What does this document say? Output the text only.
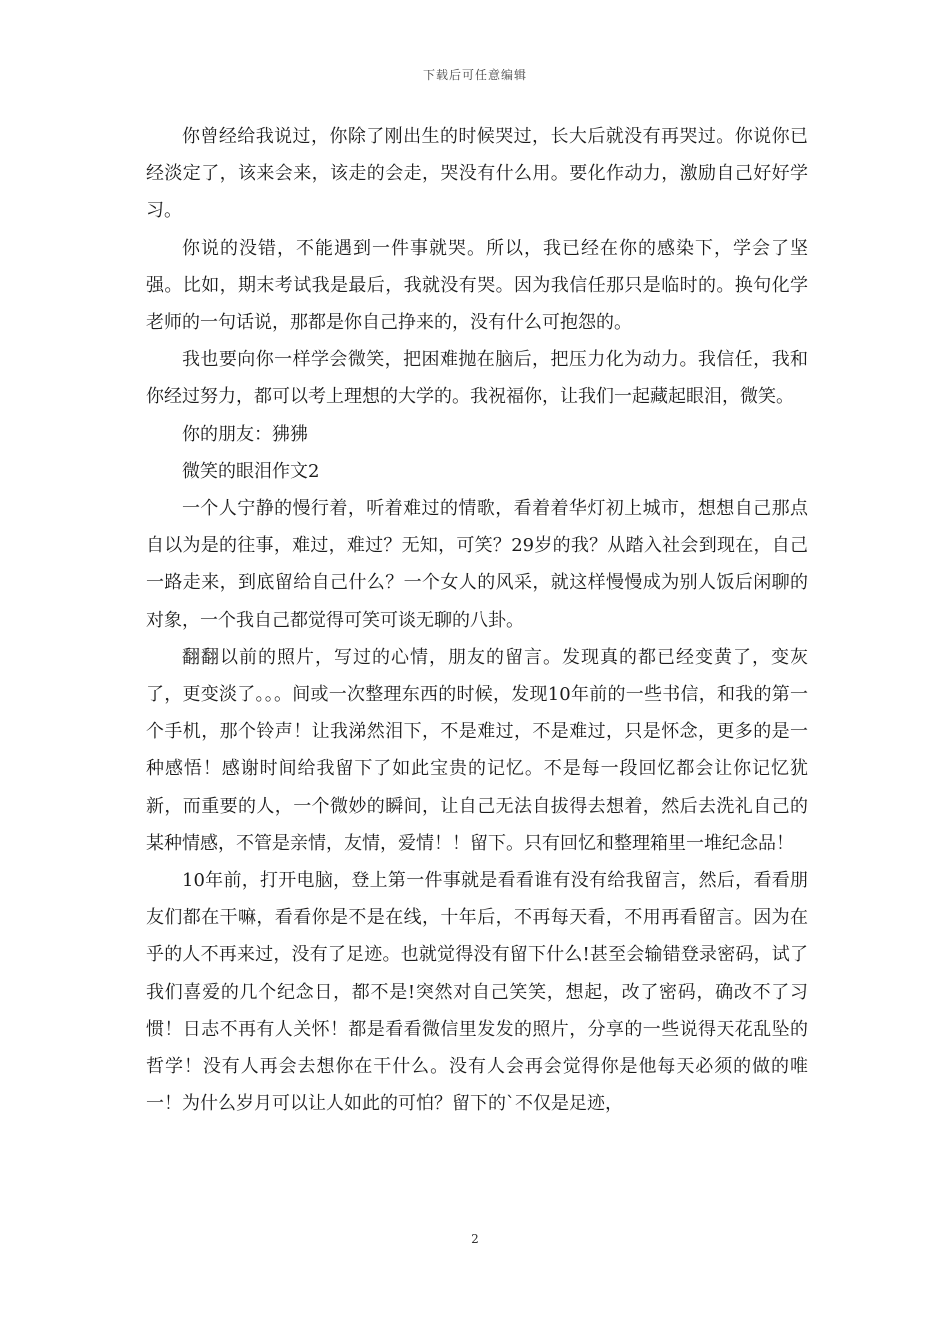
下载后可任意编辑

你曾经给我说过，你除了刚出生的时候哭过，长大后就没有再哭过。你说你已经淡定了，该来会来，该走的会走，哭没有什么用。要化作动力，激励自己好好学习。

你说的没错，不能遇到一件事就哭。所以，我已经在你的感染下，学会了坚强。比如，期末考试我是最后，我就没有哭。因为我信任那只是临时的。换句化学老师的一句话说，那都是你自己挣来的，没有什么可抱怨的。

我也要向你一样学会微笑，把困难抛在脑后，把压力化为动力。我信任，我和你经过努力，都可以考上理想的大学的。我祝福你，让我们一起藏起眼泪，微笑。

你的朋友：狒狒

微笑的眼泪作文2

一个人宁静的慢行着，听着难过的情歌，看着着华灯初上城市，想想自己那点自以为是的往事，难过，难过？无知，可笑？29岁的我？从踏入社会到现在，自己一路走来，到底留给自己什么？一个女人的风采，就这样慢慢成为别人饭后闲聊的对象，一个我自己都觉得可笑可谈无聊的八卦。

翻翻以前的照片，写过的心情，朋友的留言。发现真的都已经变黄了，变灰了，更变淡了。。。间或一次整理东西的时候，发现10年前的一些书信，和我的第一个手机，那个铃声！让我涕然泪下，不是难过，不是难过，只是怀念，更多的是一种感悟！感谢时间给我留下了如此宝贵的记忆。不是每一段回忆都会让你记忆犹新，而重要的人，一个微妙的瞬间，让自己无法自拔得去想着，然后去洗礼自己的某种情感，不管是亲情，友情，爱情！！留下。只有回忆和整理箱里一堆纪念品！

10年前，打开电脑，登上第一件事就是看看谁有没有给我留言，然后，看看朋友们都在干嘛，看看你是不是在线，十年后，不再每天看，不用再看留言。因为在乎的人不再来过，没有了足迹。也就觉得没有留下什么!甚至会输错登录密码，试了我们喜爱的几个纪念日，都不是!突然对自己笑笑，想起，改了密码，确改不了习惯！日志不再有人关怀！都是看看微信里发发的照片，分享的一些说得天花乱坠的哲学！没有人再会去想你在干什么。没有人会再会觉得你是他每天必须的做的唯一！为什么岁月可以让人如此的可怕？留下的`不仅是足迹，

2
